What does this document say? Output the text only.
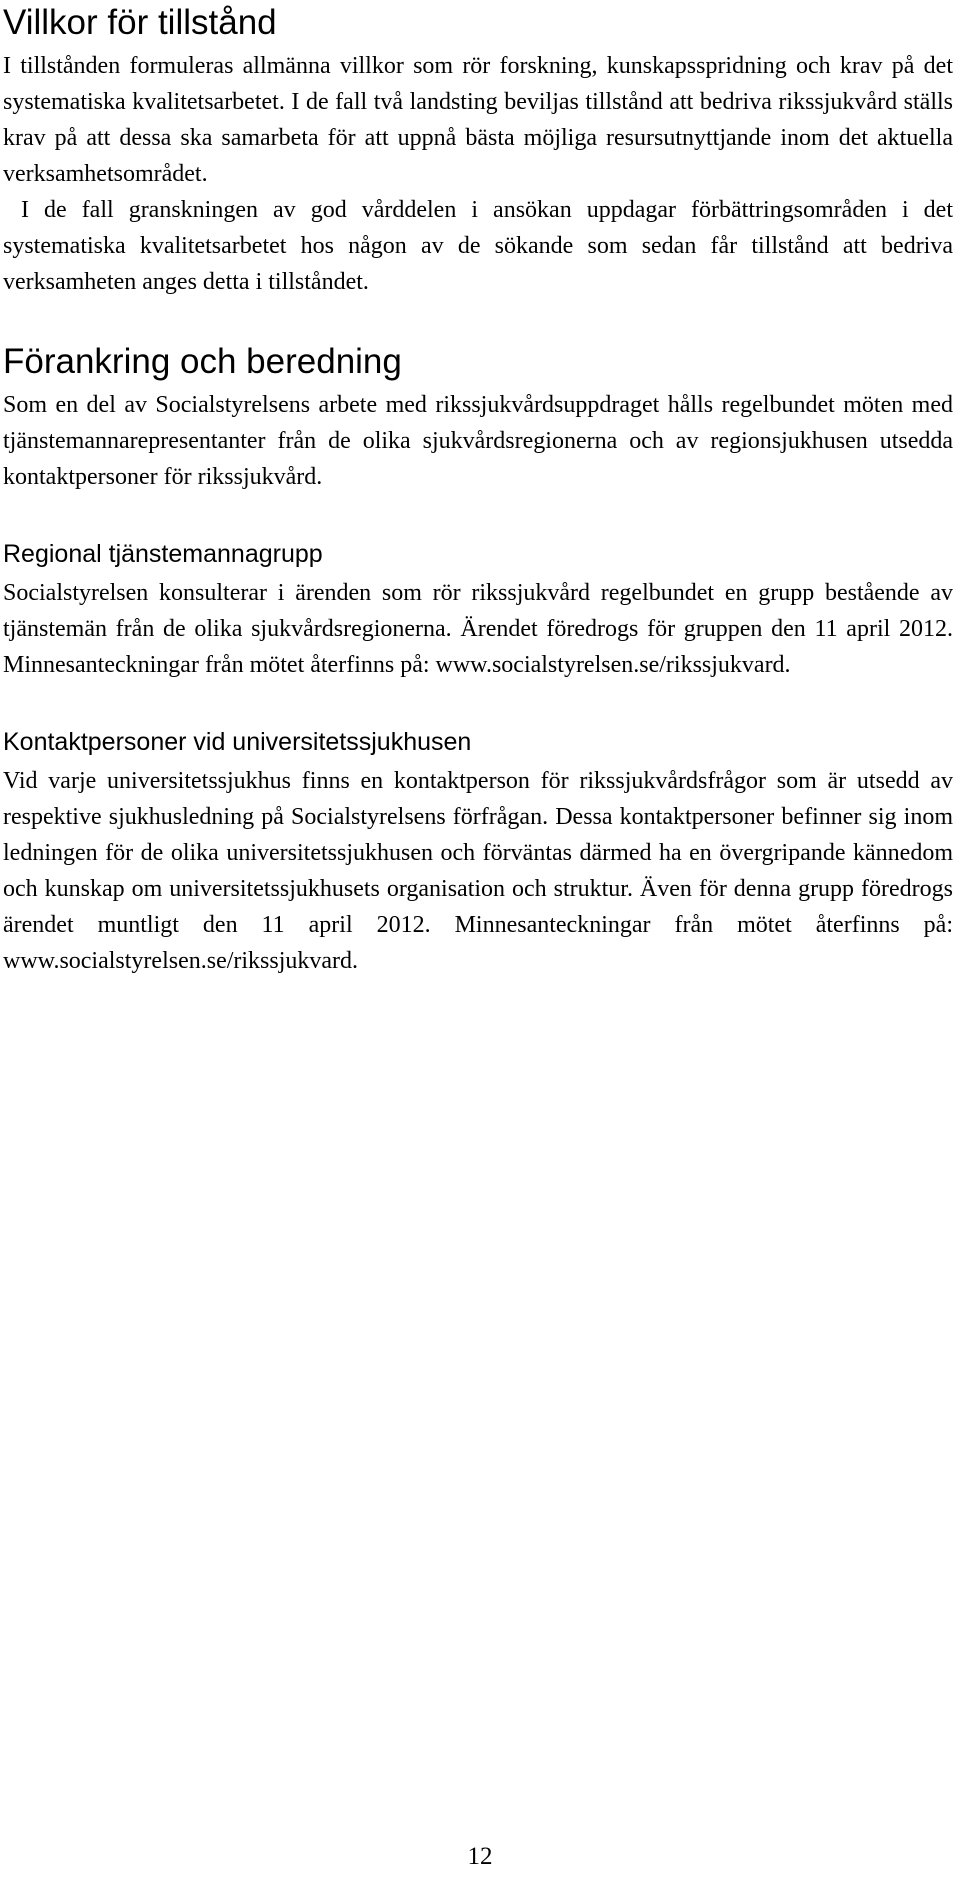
Villkor för tillstånd

I tillstånden formuleras allmänna villkor som rör forskning, kunskapsspridning och krav på det systematiska kvalitetsarbetet. I de fall två landsting beviljas tillstånd att bedriva rikssjukvård ställs krav på att dessa ska samarbeta för att uppnå bästa möjliga resursutnyttjande inom det aktuella verksamhetsområdet.

I de fall granskningen av god vårddelen i ansökan uppdagar förbättringsområden i det systematiska kvalitetsarbetet hos någon av de sökande som sedan får tillstånd att bedriva verksamheten anges detta i tillståndet.

Förankring och beredning

Som en del av Socialstyrelsens arbete med rikssjukvårdsuppdraget hålls regelbundet möten med tjänstemannarepresentanter från de olika sjukvårdsregionerna och av regionsjukhusen utsedda kontaktpersoner för rikssjukvård.

Regional tjänstemannagrupp

Socialstyrelsen konsulterar i ärenden som rör rikssjukvård regelbundet en grupp bestående av tjänstemän från de olika sjukvårdsregionerna. Ärendet föredrogs för gruppen den 11 april 2012. Minnesanteckningar från mötet återfinns på: www.socialstyrelsen.se/rikssjukvard.

Kontaktpersoner vid universitetssjukhusen

Vid varje universitetssjukhus finns en kontaktperson för rikssjukvårdsfrågor som är utsedd av respektive sjukhusledning på Socialstyrelsens förfrågan. Dessa kontaktpersoner befinner sig inom ledningen för de olika universitetssjukhusen och förväntas därmed ha en övergripande kännedom och kunskap om universitetssjukhusets organisation och struktur. Även för denna grupp föredrogs ärendet muntligt den 11 april 2012. Minnesanteckningar från mötet återfinns på: www.socialstyrelsen.se/rikssjukvard.

12
